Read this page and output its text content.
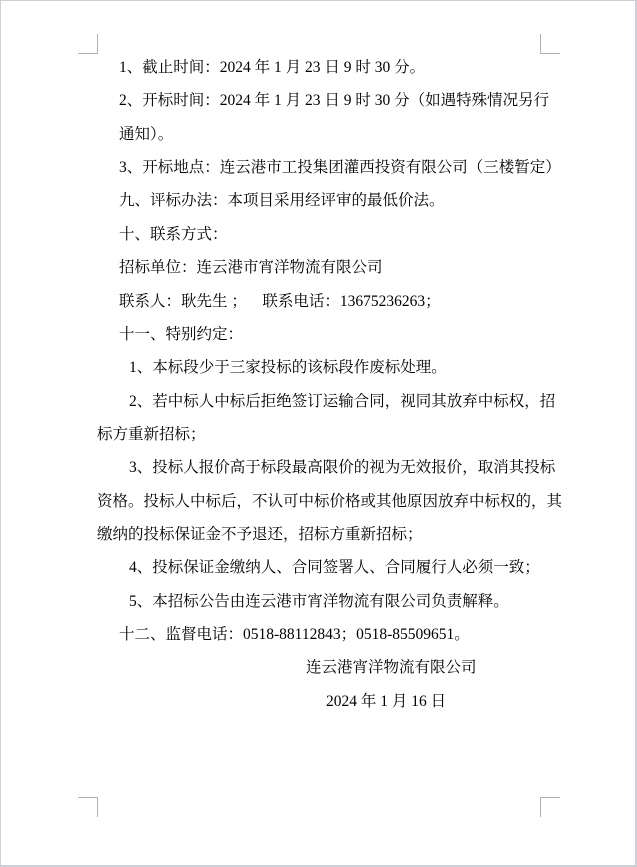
1、截止时间：2024 年 1 月 23 日 9 时 30 分。
2、开标时间：2024 年 1 月 23 日 9 时 30 分（如遇特殊情况另行
通知）。
3、开标地点：连云港市工投集团灌西投资有限公司（三楼暂定）
九、评标办法：本项目采用经评审的最低价法。
十、联系方式：
招标单位：连云港市宵洋物流有限公司
联系人：耿先生 ；    联系电话：13675236263；
十一、特别约定：
1、本标段少于三家投标的该标段作废标处理。
2、若中标人中标后拒绝签订运输合同，视同其放弃中标权，招
标方重新招标；
3、投标人报价高于标段最高限价的视为无效报价，取消其投标
资格。投标人中标后，不认可中标价格或其他原因放弃中标权的，其
缴纳的投标保证金不予退还，招标方重新招标；
4、投标保证金缴纳人、合同签署人、合同履行人必须一致；
5、本招标公告由连云港市宵洋物流有限公司负责解释。
十二、监督电话：0518-88112843；0518-85509651。
连云港宵洋物流有限公司
2024 年 1 月 16 日
